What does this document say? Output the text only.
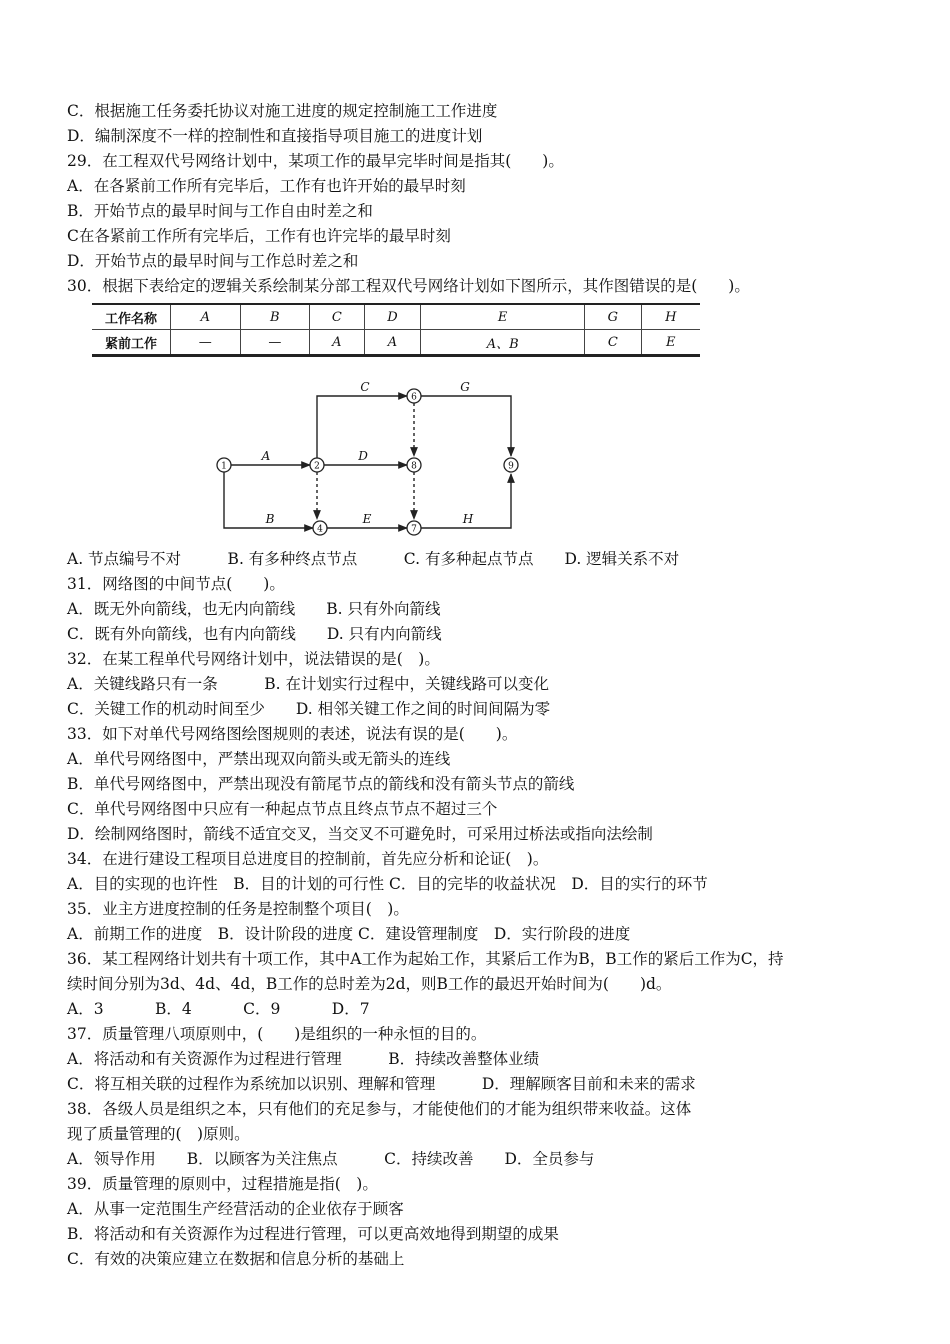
C．根据施工任务委托协议对施工进度的规定控制施工工作进度
D．编制深度不一样的控制性和直接指导项目施工的进度计划
29．在工程双代号网络计划中，某项工作的最早完毕时间是指其(　　)。
A．在各紧前工作所有完毕后，工作有也许开始的最早时刻
B．开始节点的最早时间与工作自由时差之和
C在各紧前工作所有完毕后，工作有也许完毕的最早时刻
D．开始节点的最早时间与工作总时差之和
30．根据下表给定的逻辑关系绘制某分部工程双代号网络计划如下图所示，其作图错误的是(　　)。
工作名称	A	B	C	D	E	G	H
紧前工作	—	—	A	A	A、B	C	E
1	2
4
6
7
8	9
A
B
C
D
E
G
H
A. 节点编号不对　　　B. 有多种终点节点　　　C. 有多种起点节点　　D. 逻辑关系不对
31．网络图的中间节点(　　)。
A．既无外向箭线，也无内向箭线　　B. 只有外向箭线
C．既有外向箭线，也有内向箭线　　D. 只有内向箭线
32．在某工程单代号网络计划中，说法错误的是(　)。
A．关键线路只有一条　　　B. 在计划实行过程中，关键线路可以变化
C．关键工作的机动时间至少　　D. 相邻关键工作之间的时间间隔为零
33．如下对单代号网络图绘图规则的表述，说法有误的是(　　)。
A．单代号网络图中，严禁出现双向箭头或无箭头的连线
B．单代号网络图中，严禁出现没有箭尾节点的箭线和没有箭头节点的箭线
C．单代号网络图中只应有一种起点节点且终点节点不超过三个
D．绘制网络图时，箭线不适宜交叉，当交叉不可避免时，可采用过桥法或指向法绘制
34．在进行建设工程项目总进度目的控制前，首先应分析和论证(　)。
A．目的实现的也许性　B．目的计划的可行性 C．目的完毕的收益状况　D．目的实行的环节
35．业主方进度控制的任务是控制整个项目(　)。
A．前期工作的进度　B．设计阶段的进度 C．建设管理制度　D．实行阶段的进度
36．某工程网络计划共有十项工作，其中A工作为起始工作，其紧后工作为B，B工作的紧后工作为C，持
续时间分别为3d、4d、4d，B工作的总时差为2d，则B工作的最迟开始时间为(　　)d。
A．3　　　 B．4　　　 C．9　　　 D．7
37．质量管理八项原则中，(　　)是组织的一种永恒的目的。
A．将活动和有关资源作为过程进行管理　　　B．持续改善整体业绩
C．将互相关联的过程作为系统加以识别、理解和管理　　　D．理解顾客目前和未来的需求
38．各级人员是组织之本，只有他们的充足参与，才能使他们的才能为组织带来收益。这体
现了质量管理的(　)原则。
A．领导作用　　B．以顾客为关注焦点　　　C．持续改善　　D．全员参与
39．质量管理的原则中，过程措施是指(　)。
A．从事一定范围生产经营活动的企业依存于顾客
B．将活动和有关资源作为过程进行管理，可以更高效地得到期望的成果
C．有效的决策应建立在数据和信息分析的基础上
